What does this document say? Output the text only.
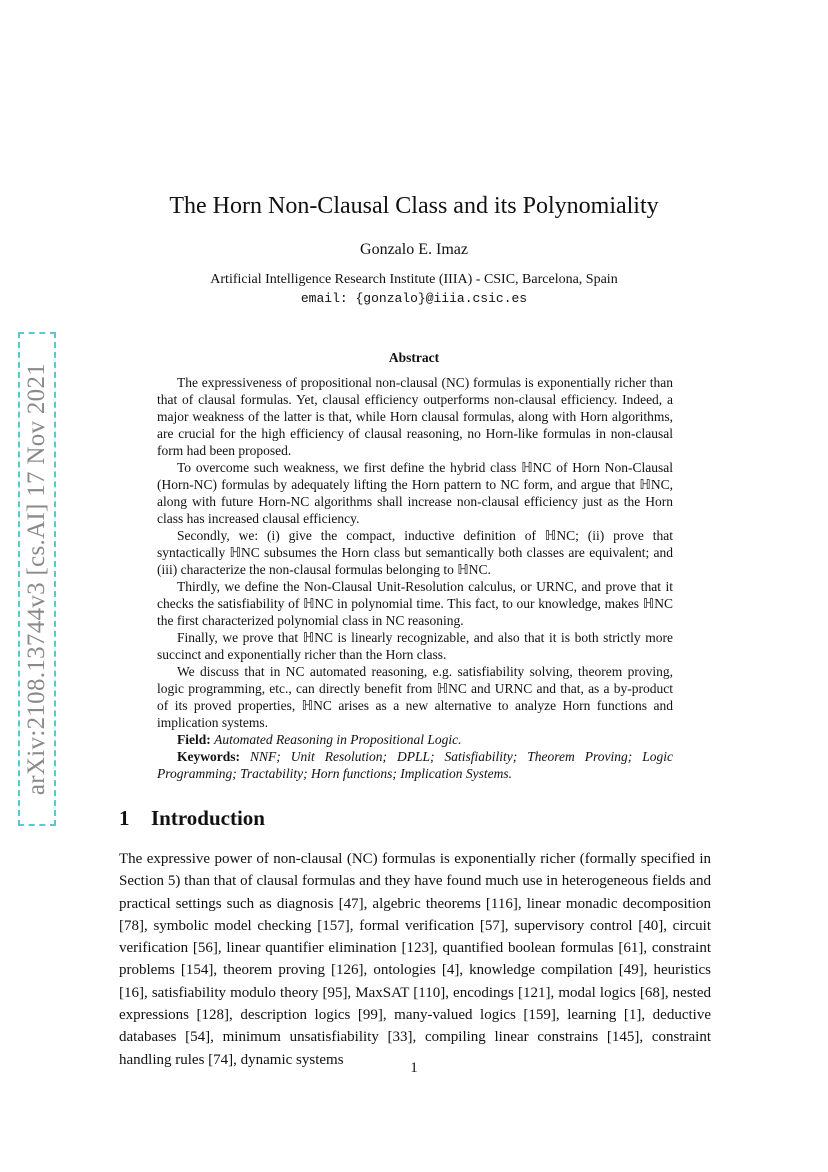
arXiv:2108.13744v3 [cs.AI] 17 Nov 2021
The Horn Non-Clausal Class and its Polynomiality
Gonzalo E. Imaz
Artificial Intelligence Research Institute (IIIA) - CSIC, Barcelona, Spain
email: {gonzalo}@iiia.csic.es
Abstract

The expressiveness of propositional non-clausal (NC) formulas is exponentially richer than that of clausal formulas. Yet, clausal efficiency outperforms non-clausal efficiency. Indeed, a major weakness of the latter is that, while Horn clausal formulas, along with Horn algorithms, are crucial for the high efficiency of clausal reasoning, no Horn-like formulas in non-clausal form had been proposed.

To overcome such weakness, we first define the hybrid class ℍNC of Horn Non-Clausal (Horn-NC) formulas by adequately lifting the Horn pattern to NC form, and argue that ℍNC, along with future Horn-NC algorithms shall increase non-clausal efficiency just as the Horn class has increased clausal efficiency.

Secondly, we: (i) give the compact, inductive definition of ℍNC; (ii) prove that syntactically ℍNC subsumes the Horn class but semantically both classes are equivalent; and (iii) characterize the non-clausal formulas belonging to ℍNC.

Thirdly, we define the Non-Clausal Unit-Resolution calculus, or URNC, and prove that it checks the satisfiability of ℍNC in polynomial time. This fact, to our knowledge, makes ℍNC the first characterized polynomial class in NC reasoning.

Finally, we prove that ℍNC is linearly recognizable, and also that it is both strictly more succinct and exponentially richer than the Horn class.

We discuss that in NC automated reasoning, e.g. satisfiability solving, theorem proving, logic programming, etc., can directly benefit from ℍNC and URNC and that, as a by-product of its proved properties, ℍNC arises as a new alternative to analyze Horn functions and implication systems.

Field: Automated Reasoning in Propositional Logic.

Keywords: NNF; Unit Resolution; DPLL; Satisfiability; Theorem Proving; Logic Programming; Tractability; Horn functions; Implication Systems.

1 Introduction

The expressive power of non-clausal (NC) formulas is exponentially richer (formally specified in Section 5) than that of clausal formulas and they have found much use in heterogeneous fields and practical settings such as diagnosis [47], algebric theorems [116], linear monadic decomposition [78], symbolic model checking [157], formal verification [57], supervisory control [40], circuit verification [56], linear quantifier elimination [123], quantified boolean formulas [61], constraint problems [154], theorem proving [126], ontologies [4], knowledge compilation [49], heuristics [16], satisfiability modulo theory [95], MaxSAT [110], encodings [121], modal logics [68], nested expressions [128], description logics [99], many-valued logics [159], learning [1], deductive databases [54], minimum unsatisfiability [33], compiling linear constrains [145], constraint handling rules [74], dynamic systems

1
